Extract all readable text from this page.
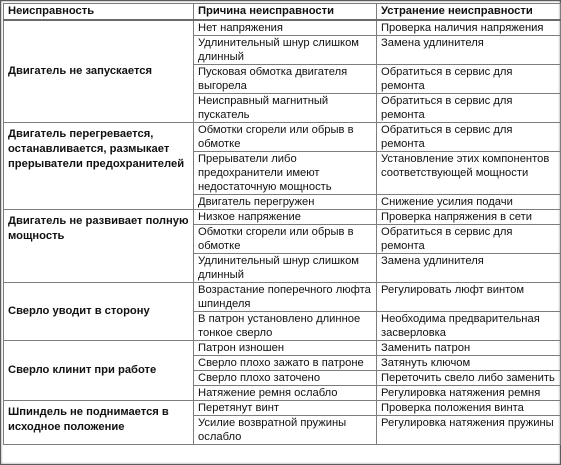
Неисправность	Причина неисправности	Устранение неисправности
Двигатель не запускается	Нет напряжения	Проверка наличия напряжения
	Удлинительный шнур слишком длинный	Замена удлинителя
	Пусковая обмотка двигателя выгорела	Обратиться в сервис для ремонта
	Неисправный магнитный пускатель	Обратиться в сервис для ремонта
Двигатель перегревается, останавливается, размыкает прерыватели предохранителей	Обмотки сгорели или обрыв в обмотке	Обратиться в сервис для ремонта
	Прерыватели либо предохранители имеют недостаточную мощность	Установление этих компонентов соответствующей мощности
	Двигатель перегружен	Снижение усилия подачи
Двигатель не развивает полную мощность	Низкое напряжение	Проверка напряжения в сети
	Обмотки сгорели или обрыв в обмотке	Обратиться в сервис для ремонта
	Удлинительный шнур слишком длинный	Замена удлинителя
Сверло уводит в сторону	Возрастание поперечного люфта шпинделя	Регулировать люфт винтом
	В патрон установлено длинное тонкое сверло	Необходима предварительная засверловка
Сверло клинит при работе	Патрон изношен	Заменить патрон
	Сверло плохо зажато в патроне	Затянуть ключом
	Сверло плохо заточено	Переточить свело либо заменить
	Натяжение ремня ослабло	Регулировка натяжения ремня
Шпиндель не поднимается в исходное положение	Перетянут винт	Проверка положения винта
	Усилие возвратной пружины ослабло	Регулировка натяжения пружины
